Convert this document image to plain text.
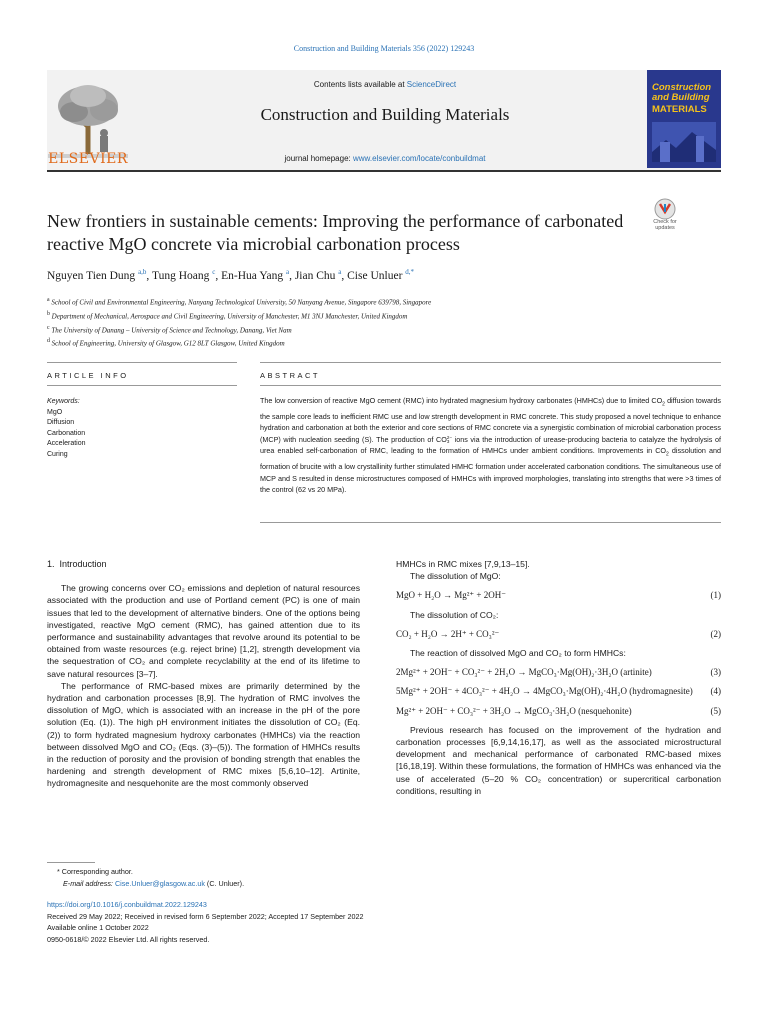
Construction and Building Materials 356 (2022) 129243
ELSEVIER
Contents lists available at ScienceDirect
Construction and Building Materials
journal homepage: www.elsevier.com/locate/conbuildmat
Construction and Building
MATERIALS
New frontiers in sustainable cements: Improving the performance of carbonated reactive MgO concrete via microbial carbonation process
Check for updates
Nguyen Tien Dung $^{a,b}$, Tung Hoang $^c$, En-Hua Yang $^a$, Jian Chu $^a$, Cise Unluer $^{d,*}$
$^a$ School of Civil and Environmental Engineering, Nanyang Technological University, 50 Nanyang Avenue, Singapore 639798, Singapore
$^b$ Department of Mechanical, Aerospace and Civil Engineering, University of Manchester, M1 3NJ Manchester, United Kingdom
$^c$ The University of Danang – University of Science and Technology, Danang, Viet Nam
$^d$ School of Engineering, University of Glasgow, G12 8LT Glasgow, United Kingdom
ARTICLE INFO	ABSTRACT
Keywords:
MgO
Diffusion
Carbonation
Acceleration
Curing
The low conversion of reactive MgO cement (RMC) into hydrated magnesium hydroxy carbonates (HMHCs) due to limited $CO_2$ diffusion towards the sample core leads to inefficient RMC use and low strength development in RMC concrete. This study proposed a novel technique to enhance hydration and carbonation at both the exterior and core sections of RMC concrete via a synergistic combination of microbial carbonation process (MCP) with nucleation seeding (S). The production of CO 2−
3 ions via the introduction of urease-producing bacteria to catalyze the hydrolysis of urea enabled self-carbonation of RMC, leading to the formation of HMHCs under ambient conditions. Improvements in $CO_2$ dissolution and formation of brucite with a low crystallinity further stimulated HMHC formation under accelerated carbonation conditions. The simultaneous use of MCP and S resulted in dense microstructures composed of HMHCs with improved morphologies, translating into strengths that were >3 times of the control (62 vs 20 MPa).
1. Introduction

The growing concerns over CO₂ emissions and depletion of natural resources associated with the production and use of Portland cement (PC) is one of main issues that led to the development of alternative binders. One of the options being investigated, reactive MgO cement (RMC), has gained attention due to its performance and sustainability advantages that revolve around its potential to be obtained from waste resources (e.g. reject brine) [1,2], strength development via the sequestration of CO₂ and complete recyclability at the end of its lifetime to save natural resources [3–7].

The performance of RMC-based mixes are primarily determined by the hydration and carbonation processes [8,9]. The hydration of RMC involves the dissolution of MgO, which is associated with an increase in the pH of the pore solution (Eq. (1)). The high pH environment initiates the dissolution of CO₂ (Eq. (2)) to form hydrated magnesium hydroxy carbonates (HMHCs) via the reaction between dissolved MgO and CO₂ (Eqs. (3)–(5)). The formation of HMHCs results in the reduction of porosity and the provision of bonding strength that enables the hardening and strength development of RMC mixes [5,6,10–12]. Artinite, hydromagnesite and nesquehonite are the most commonly observed

HMHCs in RMC mixes [7,9,13–15].

The dissolution of MgO:

MgO + H₂O → Mg²⁺ + 2OH⁻	(1)

The dissolution of CO₂:

CO₂ + H₂O → 2H⁺ + CO₃²⁻	(2)

The reaction of dissolved MgO and CO₂ to form HMHCs:

2Mg²⁺ + 2OH⁻ + CO₃²⁻ + 2H₂O → MgCO₃·Mg(OH)₂·3H₂O (artinite)	(3)
5Mg²⁺ + 2OH⁻ + 4CO₃²⁻ + 4H₂O → 4MgCO₃·Mg(OH)₂·4H₂O (hydromagnesite) (4)
Mg²⁺ + 2OH⁻ + CO₃²⁻ + 3H₂O → MgCO₃·3H₂O (nesquehonite)	(5)

Previous research has focused on the improvement of the hydration and carbonation processes [6,9,14,16,17], as well as the associated microstructural development and mechanical performance of carbonated RMC-based mixes [16,18,19]. Within these formulations, the formation of HMHCs was enhanced via the use of accelerated (5–20 % CO₂ concentration) or supercritical carbonation conditions, resulting in

* Corresponding author.
E-mail address: Cise.Unluer@glasgow.ac.uk (C. Unluer).
https://doi.org/10.1016/j.conbuildmat.2022.129243
Received 29 May 2022; Received in revised form 6 September 2022; Accepted 17 September 2022
Available online 1 October 2022
0950-0618/© 2022 Elsevier Ltd. All rights reserved.
